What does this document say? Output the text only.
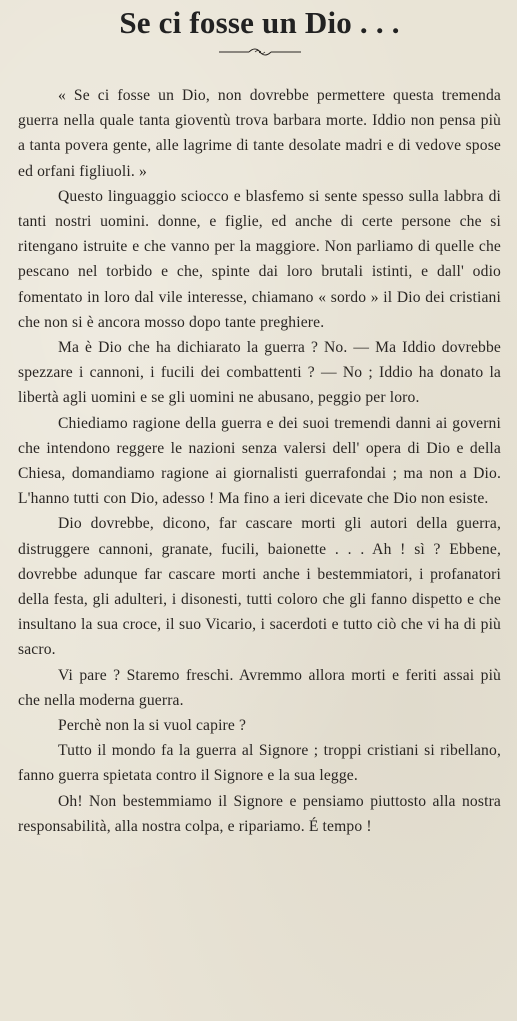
Se ci fosse un Dio . . .

« Se ci fosse un Dio, non dovrebbe permettere questa tremenda guerra nella quale tanta gioventù trova barbara morte. Iddio non pensa più a tanta povera gente, alle lagrime di tante desolate madri e di vedove spose ed orfani figliuoli. »

Questo linguaggio sciocco e blasfemo si sente spesso sulla labbra di tanti nostri uomini. donne, e figlie, ed anche di certe persone che si ritengano istruite e che vanno per la maggiore. Non parliamo di quelle che pescano nel torbido e che, spinte dai loro brutali istinti, e dall' odio fomentato in loro dal vile interesse, chiamano « sordo » il Dio dei cristiani che non si è ancora mosso dopo tante preghiere.

Ma è Dio che ha dichiarato la guerra ? No. — Ma Iddio dovrebbe spezzare i cannoni, i fucili dei combattenti ? — No ; Iddio ha donato la libertà agli uomini e se gli uomini ne abusano, peggio per loro.

Chiediamo ragione della guerra e dei suoi tremendi danni ai governi che intendono reggere le nazioni senza valersi dell' opera di Dio e della Chiesa, domandiamo ragione ai giornalisti guerrafondai ; ma non a Dio. L'hanno tutti con Dio, adesso ! Ma fino a ieri dicevate che Dio non esiste.

Dio dovrebbe, dicono, far cascare morti gli autori della guerra, distruggere cannoni, granate, fucili, baionette . . . Ah ! sì ? Ebbene, dovrebbe adunque far cascare morti anche i bestemmiatori, i profanatori della festa, gli adulteri, i disonesti, tutti coloro che gli fanno dispetto e che insultano la sua croce, il suo Vicario, i sacerdoti e tutto ciò che vi ha di più sacro.

Vi pare ? Staremo freschi. Avremmo allora morti e feriti assai più che nella moderna guerra.

Perchè non la si vuol capire ?

Tutto il mondo fa la guerra al Signore ; troppi cristiani si ribellano, fanno guerra spietata contro il Signore e la sua legge.

Oh! Non bestemmiamo il Signore e pensiamo piuttosto alla nostra responsabilità, alla nostra colpa, e ripariamo. É tempo !
